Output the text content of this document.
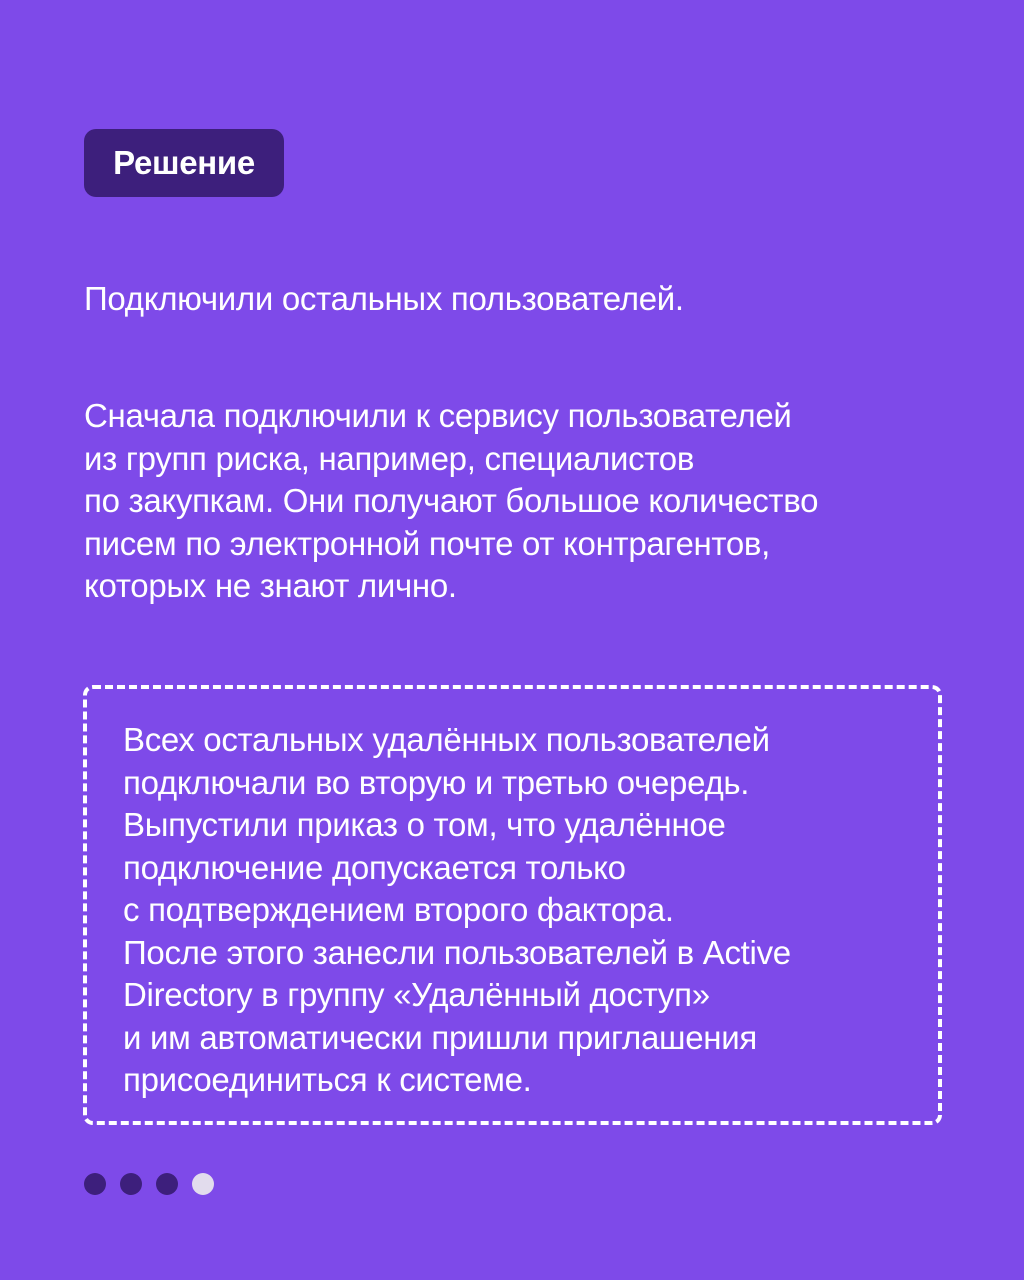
Решение
Подключили остальных пользователей.
Сначала подключили к сервису пользователей
из групп риска, например, специалистов
по закупкам. Они получают большое количество
писем по электронной почте от контрагентов,
которых не знают лично.
Всех остальных удалённых пользователей
подключали во вторую и третью очередь.
Выпустили приказ о том, что удалённое
подключение допускается только
с подтверждением второго фактора.
После этого занесли пользователей в Active
Directory в группу «Удалённый доступ»
и им автоматически пришли приглашения
присоединиться к системе.
